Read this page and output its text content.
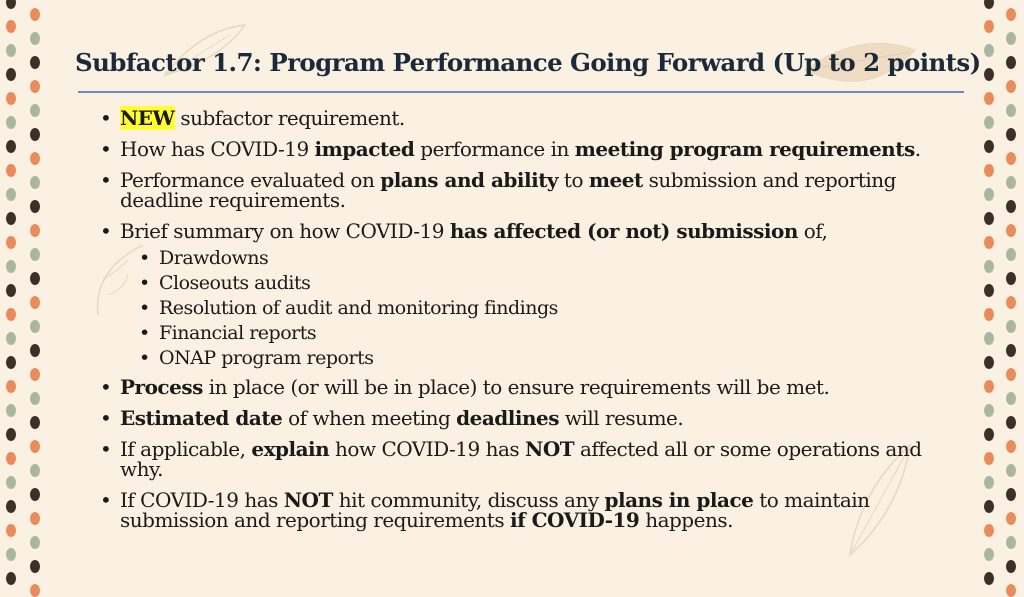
Subfactor 1.7: Program Performance Going Forward (Up to 2 points)
• NEW subfactor requirement.
• How has COVID-19 impacted performance in meeting program requirements.
• Performance evaluated on plans and ability to meet submission and reporting deadline requirements.
• Brief summary on how COVID-19 has affected (or not) submission of,
• Drawdowns
• Closeouts audits
• Resolution of audit and monitoring findings
• Financial reports
• ONAP program reports
• Process in place (or will be in place) to ensure requirements will be met.
• Estimated date of when meeting deadlines will resume.
• If applicable, explain how COVID-19 has NOT affected all or some operations and why.
• If COVID-19 has NOT hit community, discuss any plans in place to maintain submission and reporting requirements if COVID-19 happens.
